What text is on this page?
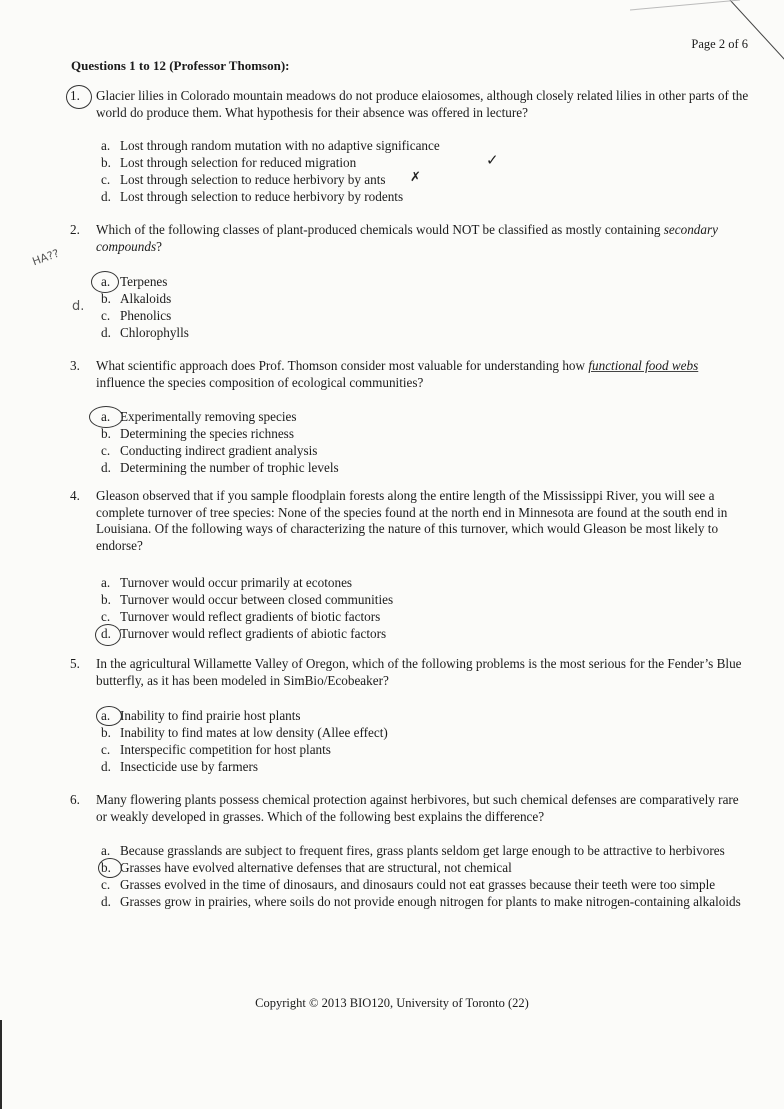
Page 2 of 6
Questions 1 to 12 (Professor Thomson):
1.	Glacier lilies in Colorado mountain meadows do not produce elaiosomes, although closely related lilies in other parts of the world do produce them. What hypothesis for their absence was offered in lecture?
a. Lost through random mutation with no adaptive significance
b. Lost through selection for reduced migration	✓
c. Lost through selection to reduce herbivory by ants ✗
d. Lost through selection to reduce herbivory by rodents
2.	Which of the following classes of plant-produced chemicals would NOT be classified as mostly containing secondary compounds?
a. Terpenes
b. Alkaloids
c. Phenolics
d. Chlorophylls
HA??
d.
3.	What scientific approach does Prof. Thomson consider most valuable for understanding how functional food webs influence the species composition of ecological communities?
a. Experimentally removing species
b. Determining the species richness
c. Conducting indirect gradient analysis
d. Determining the number of trophic levels
4.	Gleason observed that if you sample floodplain forests along the entire length of the Mississippi River, you will see a complete turnover of tree species: None of the species found at the north end in Minnesota are found at the south end in Louisiana. Of the following ways of characterizing the nature of this turnover, which would Gleason be most likely to endorse?
a. Turnover would occur primarily at ecotones
b. Turnover would occur between closed communities
c. Turnover would reflect gradients of biotic factors
d. Turnover would reflect gradients of abiotic factors
5.	In the agricultural Willamette Valley of Oregon, which of the following problems is the most serious for the Fender’s Blue butterfly, as it has been modeled in SimBio/Ecobeaker?
a. Inability to find prairie host plants
b. Inability to find mates at low density (Allee effect)
c. Interspecific competition for host plants
d. Insecticide use by farmers
6.	Many flowering plants possess chemical protection against herbivores, but such chemical defenses are comparatively rare or weakly developed in grasses. Which of the following best explains the difference?
a. Because grasslands are subject to frequent fires, grass plants seldom get large enough to be attractive to herbivores
b. Grasses have evolved alternative defenses that are structural, not chemical
c. Grasses evolved in the time of dinosaurs, and dinosaurs could not eat grasses because their teeth were too simple
d. Grasses grow in prairies, where soils do not provide enough nitrogen for plants to make nitrogen-containing alkaloids
Copyright © 2013 BIO120, University of Toronto (22)
